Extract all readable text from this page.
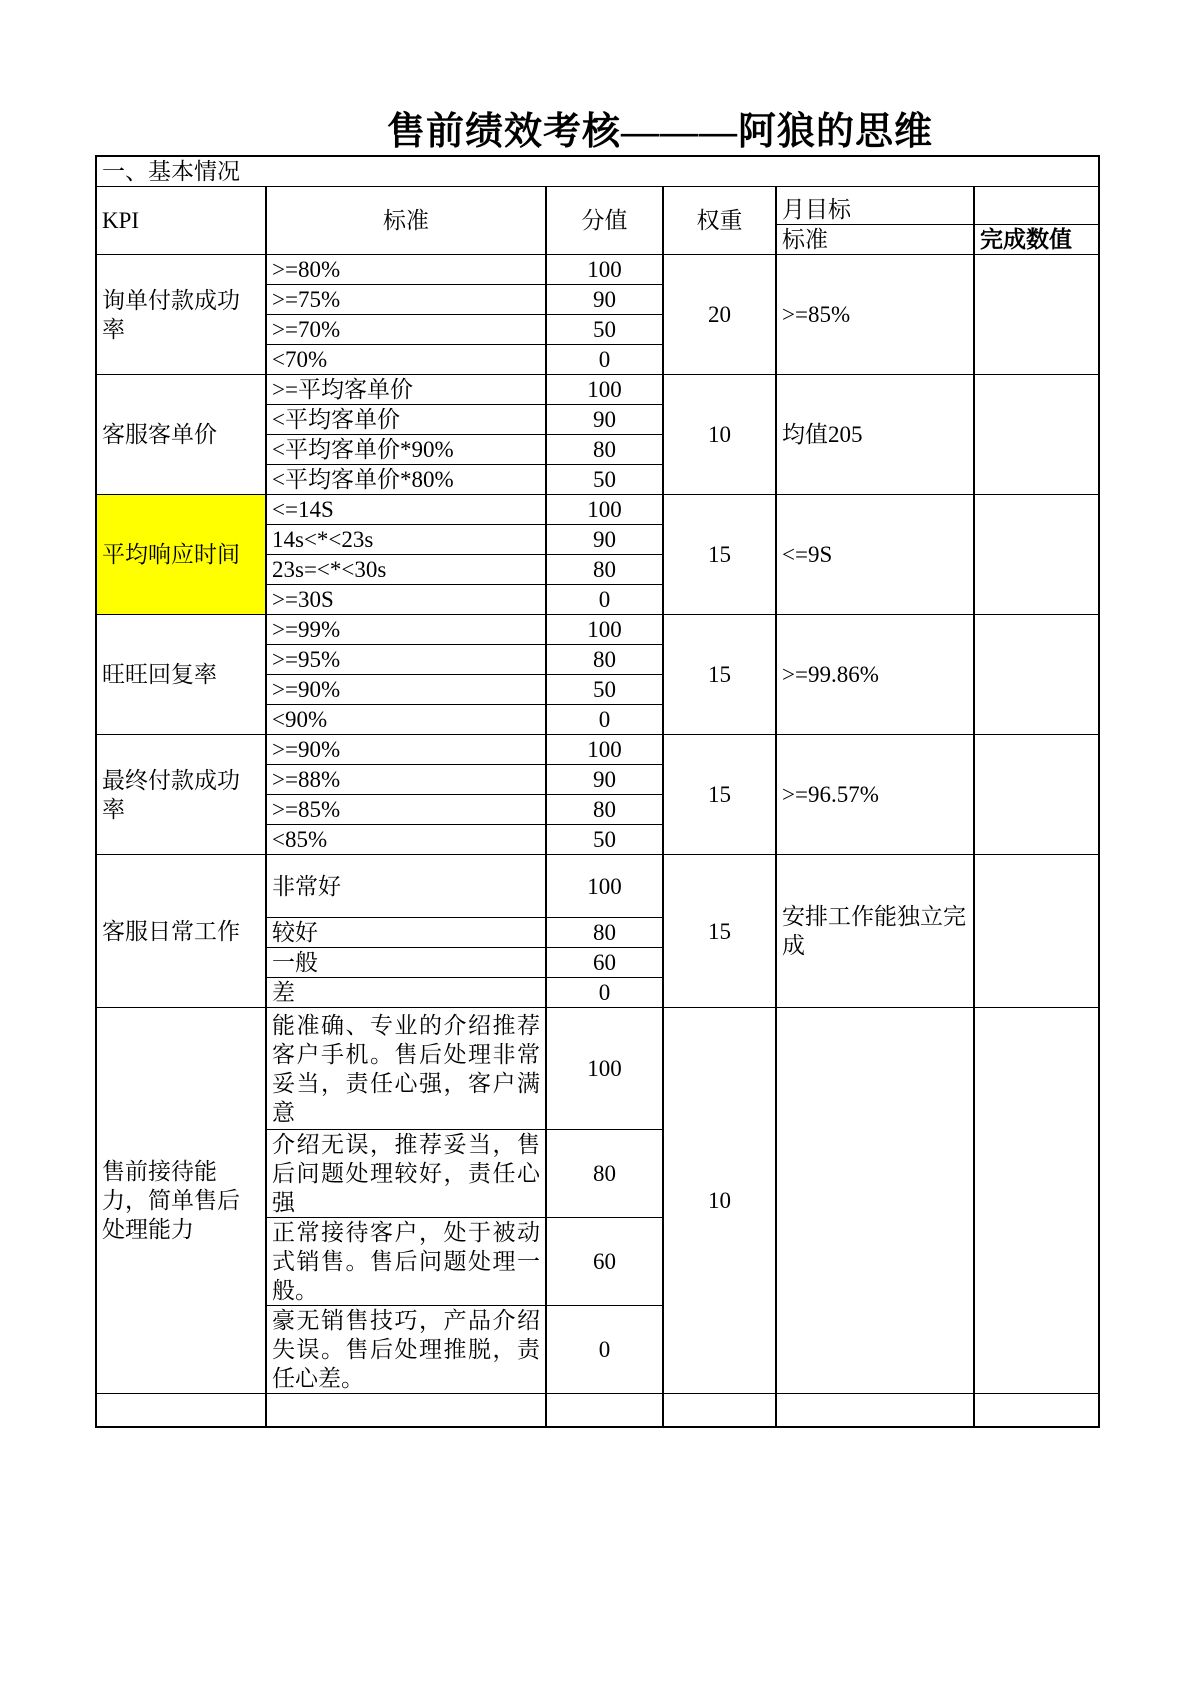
售前绩效考核———阿狼的思维
一、基本情况					
KPI	标准	分值	权重	月目标	
				标准	完成数值
询单付款成功率	>=80%	100	20	>=85%	
	>=75%	90			
	>=70%	50			
	<70%	0			
客服客单价	>=平均客单价	100	10	均值205	
	<平均客单价	90			
	<平均客单价*90%	80			
	<平均客单价*80%	50			
平均响应时间	<=14S	100	15	<=9S	
	14s<*<23s	90			
	23s=<*<30s	80			
	>=30S	0			
旺旺回复率	>=99%	100	15	>=99.86%	
	>=95%	80			
	>=90%	50			
	<90%	0			
最终付款成功率	>=90%	100	15	>=96.57%	
	>=88%	90			
	>=85%	80			
	<85%	50			
客服日常工作	非常好	100	15	安排工作能独立完成	
	较好	80			
	一般	60			
	差	0			
售前接待能力，简单售后处理能力	能准确、专业的介绍推荐客户手机。售后处理非常妥当，责任心强，客户满意	100	10		
	介绍无误，推荐妥当，售后问题处理较好，责任心强	80			
	正常接待客户，处于被动式销售。售后问题处理一般。	60			
	豪无销售技巧，产品介绍失误。售后处理推脱，责任心差。	0			
